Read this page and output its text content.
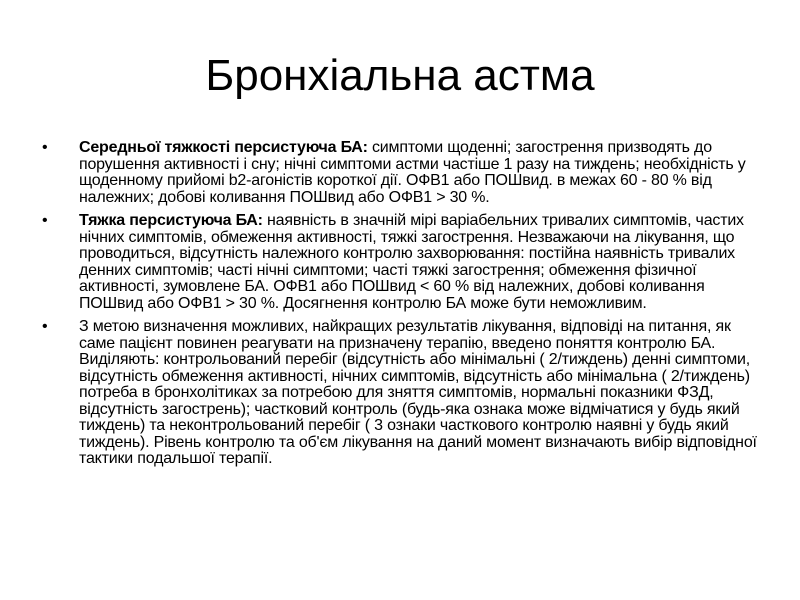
Бронхіальна астма
•	Середньої тяжкості персистуюча БА: симптоми щоденні; загострення призводять до порушення активності і сну; нічні симптоми астми частіше 1 разу на тиждень; необхідність у щоденному прийомі b2-агоністів короткої дії. ОФВ1 або ПОШвид. в межах 60 - 80 % від належних; добові коливання ПОШвид або ОФВ1 > 30 %.
•	Тяжка персистуюча БА: наявність в значній мірі варіабельних тривалих симптомів, частих нічних симптомів, обмеження активності, тяжкі загострення. Незважаючи на лікування, що проводиться, відсутність належного контролю захворювання: постійна наявність тривалих денних симптомів; часті нічні симптоми; часті тяжкі загострення; обмеження фізичної активності, зумовлене БА. ОФВ1 або ПОШвид < 60 % від належних, добові коливання ПОШвид або ОФВ1 > 30 %. Досягнення контролю БА може бути неможливим.
•	З метою визначення можливих, найкращих результатів лікування, відповіді на питання, як саме пацієнт повинен реагувати на призначену терапію, введено поняття контролю БА. Виділяють: контрольований перебіг (відсутність або мінімальні ( 2/тиждень) денні симптоми, відсутність обмеження активності, нічних симптомів, відсутність або мінімальна ( 2/тиждень) потреба в бронхолітиках за потребою для зняття симптомів, нормальні показники ФЗД, відсутність загострень); частковий контроль (будь-яка ознака може відмічатися у будь який тиждень) та неконтрольований перебіг ( 3 ознаки часткового контролю наявні у будь який тиждень). Рівень контролю та об'єм лікування на даний момент визначають вибір відповідної тактики подальшої терапії.
